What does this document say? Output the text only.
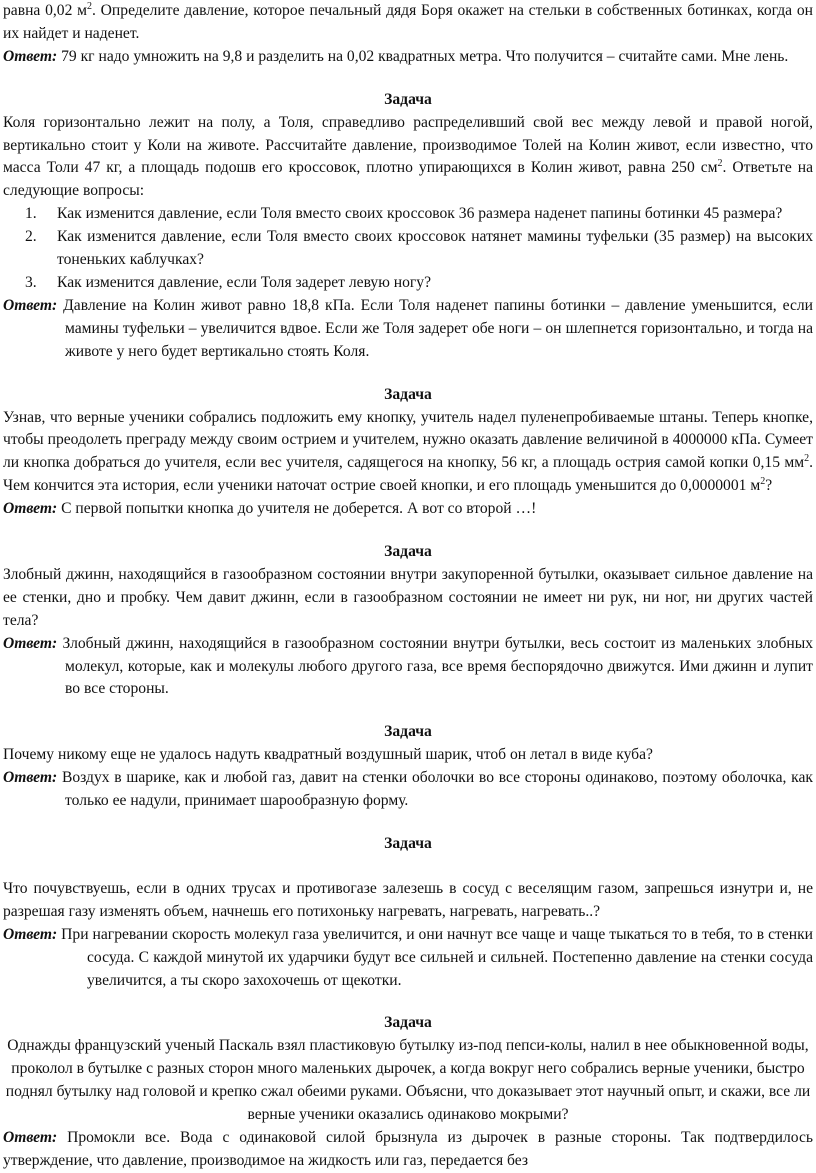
равна 0,02 $м^2$. Определите давление, которое печальный дядя Боря окажет на стельки в собственных ботинках, когда он их найдет и наденет.

Ответ: 79 кг надо умножить на 9,8 и разделить на 0,02 квадратных метра. Что получится – считайте сами. Мне лень.

Задача

Коля горизонтально лежит на полу, а Толя, справедливо распределивший свой вес между левой и правой ногой, вертикально стоит у Коли на животе. Рассчитайте давление, производимое Толей на Колин живот, если известно, что масса Толи 47 кг, а площадь подошв его кроссовок, плотно упирающихся в Колин живот, равна 250 $см^2$. Ответьте на следующие вопросы:

1. Как изменится давление, если Толя вместо своих кроссовок 36 размера наденет папины ботинки 45 размера?
2. Как изменится давление, если Толя вместо своих кроссовок натянет мамины туфельки (35 размер) на высоких тоненьких каблучках?
3. Как изменится давление, если Толя задерет левую ногу?

Ответ: Давление на Колин живот равно 18,8 кПа. Если Толя наденет папины ботинки – давление уменьшится, если мамины туфельки – увеличится вдвое. Если же Толя задерет обе ноги – он шлепнется горизонтально, и тогда на животе у него будет вертикально стоять Коля.

Задача

Узнав, что верные ученики собрались подложить ему кнопку, учитель надел пуленепробиваемые штаны. Теперь кнопке, чтобы преодолеть преграду между своим острием и учителем, нужно оказать давление величиной в 4000000 кПа. Сумеет ли кнопка добраться до учителя, если вес учителя, садящегося на кнопку, 56 кг, а площадь острия самой копки 0,15 $мм^2$. Чем кончится эта история, если ученики наточат острие своей кнопки, и его площадь уменьшится до 0,0000001 $м^2$?

Ответ: С первой попытки кнопка до учителя не доберется. А вот со второй …!

Задача

Злобный джинн, находящийся в газообразном состоянии внутри закупоренной бутылки, оказывает сильное давление на ее стенки, дно и пробку. Чем давит джинн, если в газообразном состоянии не имеет ни рук, ни ног, ни других частей тела?

Ответ: Злобный джинн, находящийся в газообразном состоянии внутри бутылки, весь состоит из маленьких злобных молекул, которые, как и молекулы любого другого газа, все время беспорядочно движутся. Ими джинн и лупит во все стороны.

Задача

Почему никому еще не удалось надуть квадратный воздушный шарик, чтоб он летал в виде куба?

Ответ: Воздух в шарике, как и любой газ, давит на стенки оболочки во все стороны одинаково, поэтому оболочка, как только ее надули, принимает шарообразную форму.

Задача

Что почувствуешь, если в одних трусах и противогазе залезешь в сосуд с веселящим газом, запрешься изнутри и, не разрешая газу изменять объем, начнешь его потихоньку нагревать, нагревать, нагревать..?

Ответ: При нагревании скорость молекул газа увеличится, и они начнут все чаще и чаще тыкаться то в тебя, то в стенки сосуда. С каждой минутой их ударчики будут все сильней и сильней. Постепенно давление на стенки сосуда увеличится, а ты скоро захохочешь от щекотки.

Задача

Однажды французский ученый Паскаль взял пластиковую бутылку из-под пепси-колы, налил в нее обыкновенной воды, проколол в бутылке с разных сторон много маленьких дырочек, а когда вокруг него собрались верные ученики, быстро поднял бутылку над головой и крепко сжал обеими руками. Объясни, что доказывает этот научный опыт, и скажи, все ли верные ученики оказались одинаково мокрыми?

Ответ: Промокли все. Вода с одинаковой силой брызнула из дырочек в разные стороны. Так подтвердилось утверждение, что давление, производимое на жидкость или газ, передается без
